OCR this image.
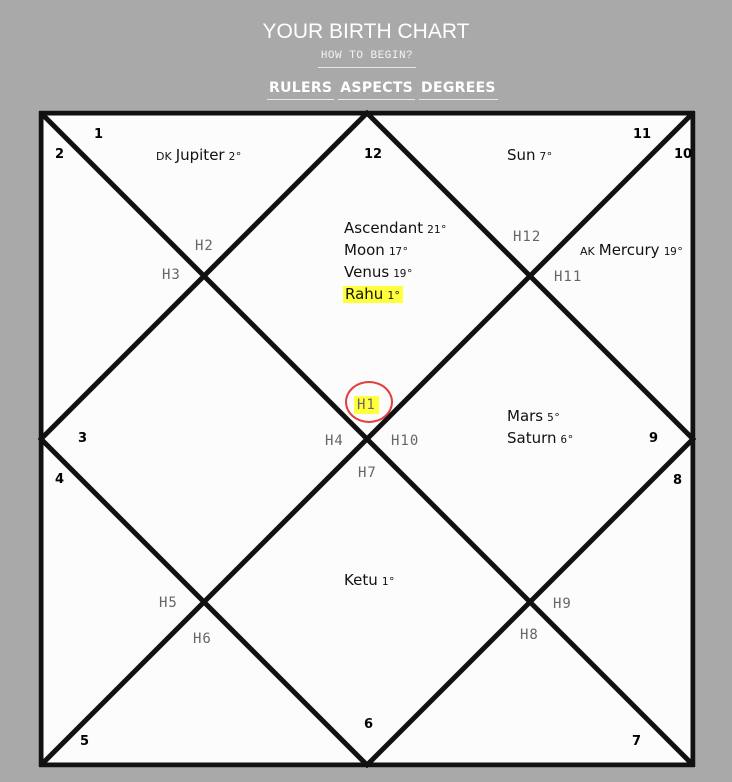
YOUR BIRTH CHART
HOW TO BEGIN?
RULERS ASPECTS DEGREES
1
2
3
4
5
6
7
8
9
10
11
12
H2
H3
H4
H5
H6
H7
H8
H9
H10
H11
H12
H1
DK Jupiter 2°	Sun 7°
Ascendant 21°
Moon 17°
Venus 19°
Rahu 1°
AK Mercury 19°
Mars 5°
Saturn 6°
Ketu 1°
